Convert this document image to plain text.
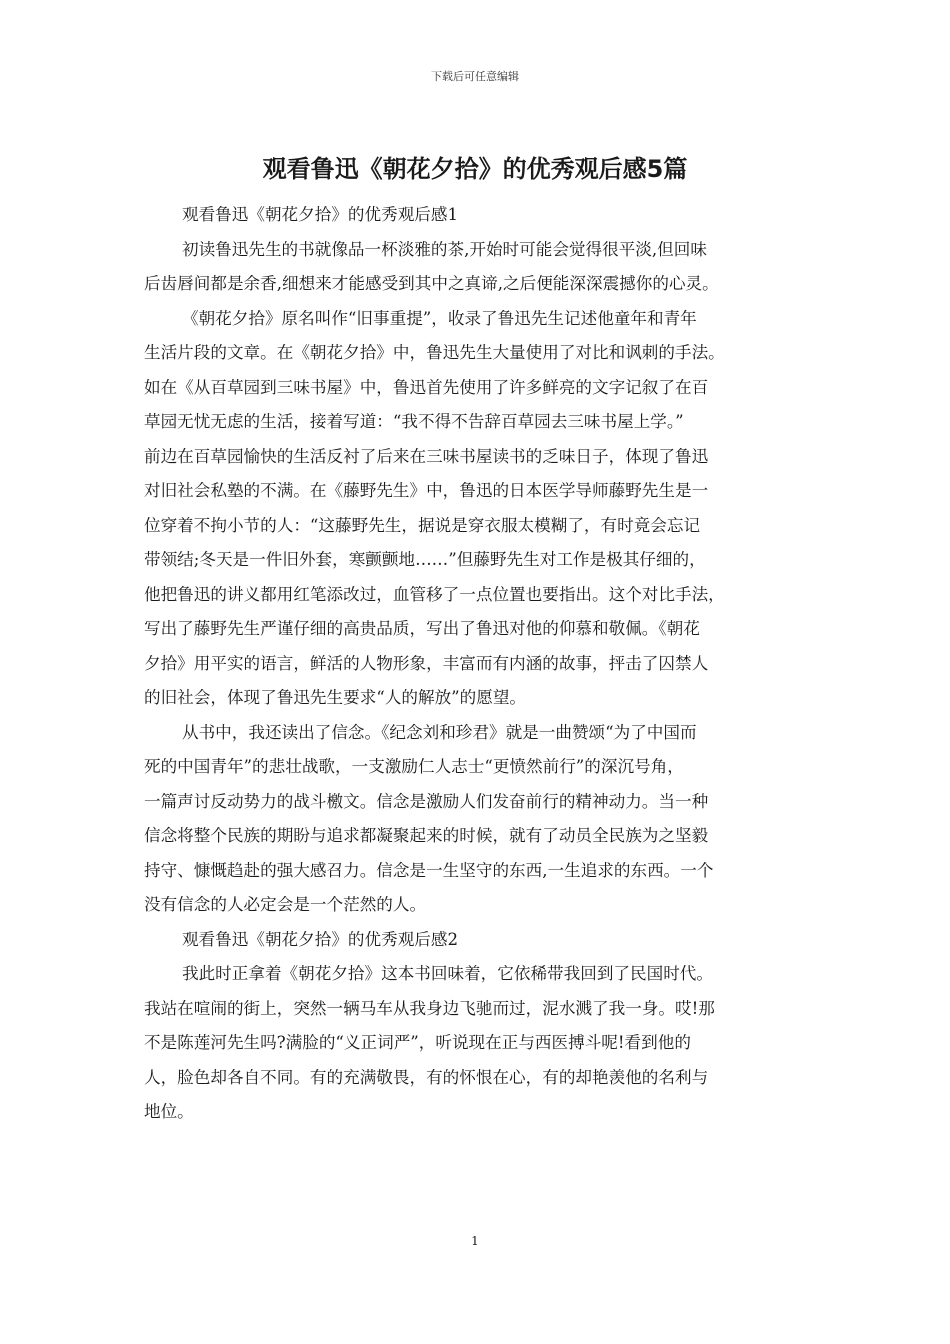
下载后可任意编辑
观看鲁迅《朝花夕拾》的优秀观后感5篇
观看鲁迅《朝花夕拾》的优秀观后感1
初读鲁迅先生的书就像品一杯淡雅的茶,开始时可能会觉得很平淡,但回味
后齿唇间都是余香,细想来才能感受到其中之真谛,之后便能深深震撼你的心灵。
《朝花夕拾》原名叫作“旧事重提”，收录了鲁迅先生记述他童年和青年
生活片段的文章。在《朝花夕拾》中，鲁迅先生大量使用了对比和讽刺的手法。
如在《从百草园到三味书屋》中，鲁迅首先使用了许多鲜亮的文字记叙了在百
草园无忧无虑的生活，接着写道：“我不得不告辞百草园去三味书屋上学。”
前边在百草园愉快的生活反衬了后来在三味书屋读书的乏味日子，体现了鲁迅
对旧社会私塾的不满。在《藤野先生》中，鲁迅的日本医学导师藤野先生是一
位穿着不拘小节的人：“这藤野先生，据说是穿衣服太模糊了，有时竟会忘记
带领结;冬天是一件旧外套，寒颤颤地……”但藤野先生对工作是极其仔细的，
他把鲁迅的讲义都用红笔添改过，血管移了一点位置也要指出。这个对比手法，
写出了藤野先生严谨仔细的高贵品质，写出了鲁迅对他的仰慕和敬佩。《朝花
夕拾》用平实的语言，鲜活的人物形象，丰富而有内涵的故事，抨击了囚禁人
的旧社会，体现了鲁迅先生要求“人的解放”的愿望。
从书中，我还读出了信念。《纪念刘和珍君》就是一曲赞颂“为了中国而
死的中国青年”的悲壮战歌，一支激励仁人志士“更愤然前行”的深沉号角，
一篇声讨反动势力的战斗檄文。信念是激励人们发奋前行的精神动力。当一种
信念将整个民族的期盼与追求都凝聚起来的时候，就有了动员全民族为之坚毅
持守、慷慨趋赴的强大感召力。信念是一生坚守的东西,一生追求的东西。一个
没有信念的人必定会是一个茫然的人。
观看鲁迅《朝花夕拾》的优秀观后感2
我此时正拿着《朝花夕拾》这本书回味着，它依稀带我回到了民国时代。
我站在喧闹的街上，突然一辆马车从我身边飞驰而过，泥水溅了我一身。哎!那
不是陈莲河先生吗?满脸的“义正词严”，听说现在正与西医搏斗呢!看到他的
人，脸色却各自不同。有的充满敬畏，有的怀恨在心，有的却艳羡他的名利与
地位。
1
